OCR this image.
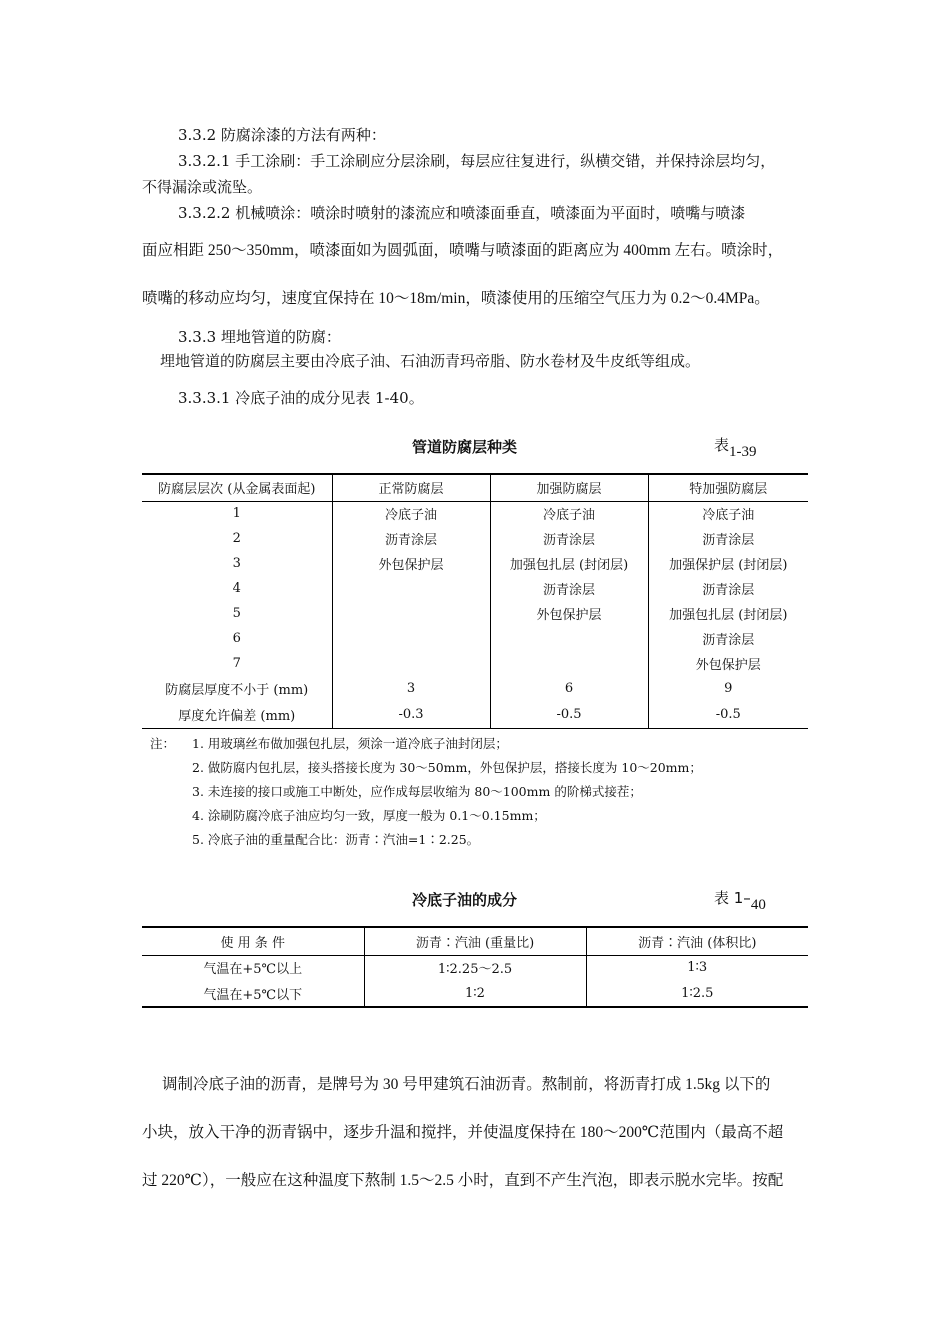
3.3.2 防腐涂漆的方法有两种：
3.3.2.1 手工涂刷：手工涂刷应分层涂刷，每层应往复进行，纵横交错，并保持涂层均匀，
不得漏涂或流坠。
3.3.2.2 机械喷涂：喷涂时喷射的漆流应和喷漆面垂直，喷漆面为平面时，喷嘴与喷漆
面应相距 250～350mm，喷漆面如为圆弧面，喷嘴与喷漆面的距离应为 400mm 左右。喷涂时，
喷嘴的移动应均匀，速度宜保持在 10～18m/min，喷漆使用的压缩空气压力为 0.2～0.4MPa。
3.3.3 埋地管道的防腐：
埋地管道的防腐层主要由冷底子油、石油沥青玛帝脂、防水卷材及牛皮纸等组成。
3.3.3.1 冷底子油的成分见表 1-40。
管道防腐层种类	表$_{1-39}$
防腐层层次 (从金属表面起)	正常防腐层	加强防腐层	特加强防腐层
1	冷底子油	冷底子油	冷底子油
2	沥青涂层	沥青涂层	沥青涂层
3	外包保护层	加强包扎层 (封闭层)	加强保护层 (封闭层)
4		沥青涂层	沥青涂层
5		外包保护层	加强包扎层 (封闭层)
6			沥青涂层
7			外包保护层
防腐层厚度不小于 (mm)	3	6	9
厚度允许偏差 (mm)	-0.3	-0.5	-0.5
注： 1. 用玻璃丝布做加强包扎层，须涂一道冷底子油封闭层；
2. 做防腐内包扎层，接头搭接长度为 30～50mm，外包保护层，搭接长度为 10～20mm；
3. 未连接的接口或施工中断处，应作成每层收缩为 80～100mm 的阶梯式接茬；
4. 涂刷防腐冷底子油应均匀一致，厚度一般为 0.1～0.15mm；
5. 冷底子油的重量配合比：沥青∶汽油=1∶2.25。
冷底子油的成分	表 $1-_{40}$
使 用 条 件	沥青∶汽油 (重量比)	沥青∶汽油 (体积比)
气温在+5℃以上	1∶2.25～2.5	1∶3
气温在+5℃以下	1∶2	1∶2.5
调制冷底子油的沥青，是牌号为 30 号甲建筑石油沥青。熬制前，将沥青打成 1.5kg 以下的
小块，放入干净的沥青锅中，逐步升温和搅拌，并使温度保持在 180～200℃范围内（最高不超
过 220℃），一般应在这种温度下熬制 1.5～2.5 小时，直到不产生汽泡，即表示脱水完毕。按配
